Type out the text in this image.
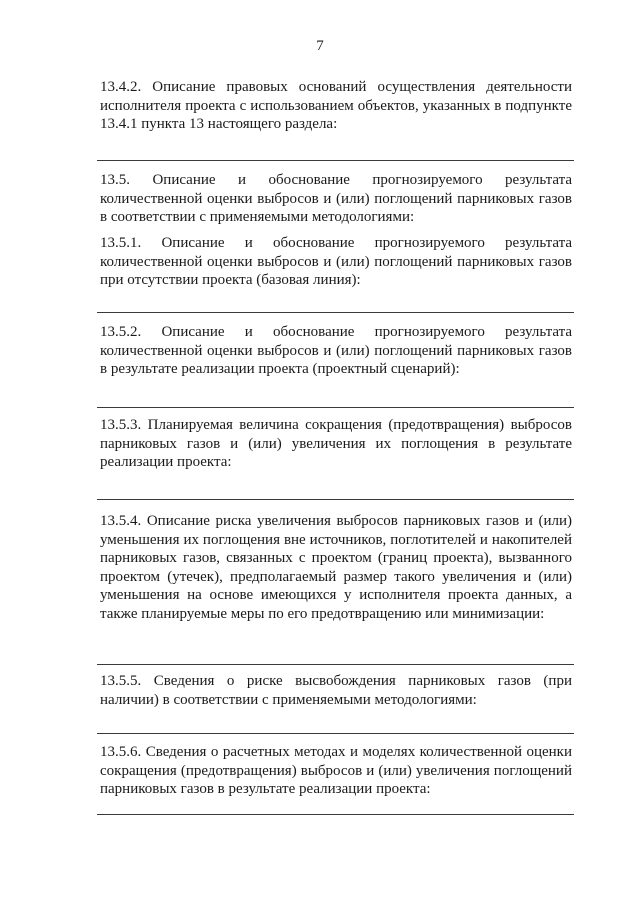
7

13.4.2. Описание правовых оснований осуществления деятельности исполнителя проекта с использованием объектов, указанных в подпункте 13.4.1 пункта 13 настоящего раздела:

13.5. Описание и обоснование прогнозируемого результата количественной оценки выбросов и (или) поглощений парниковых газов в соответствии с применяемыми методологиями:

13.5.1. Описание и обоснование прогнозируемого результата количественной оценки выбросов и (или) поглощений парниковых газов при отсутствии проекта (базовая линия):

13.5.2. Описание и обоснование прогнозируемого результата количественной оценки выбросов и (или) поглощений парниковых газов в результате реализации проекта (проектный сценарий):

13.5.3. Планируемая величина сокращения (предотвращения) выбросов парниковых газов и (или) увеличения их поглощения в результате реализации проекта:

13.5.4. Описание риска увеличения выбросов парниковых газов и (или) уменьшения их поглощения вне источников, поглотителей и накопителей парниковых газов, связанных с проектом (границ проекта), вызванного проектом (утечек), предполагаемый размер такого увеличения и (или) уменьшения на основе имеющихся у исполнителя проекта данных, а также планируемые меры по его предотвращению или минимизации:

13.5.5. Сведения о риске высвобождения парниковых газов (при наличии) в соответствии с применяемыми методологиями:

13.5.6. Сведения о расчетных методах и моделях количественной оценки сокращения (предотвращения) выбросов и (или) увеличения поглощений парниковых газов в результате реализации проекта:
